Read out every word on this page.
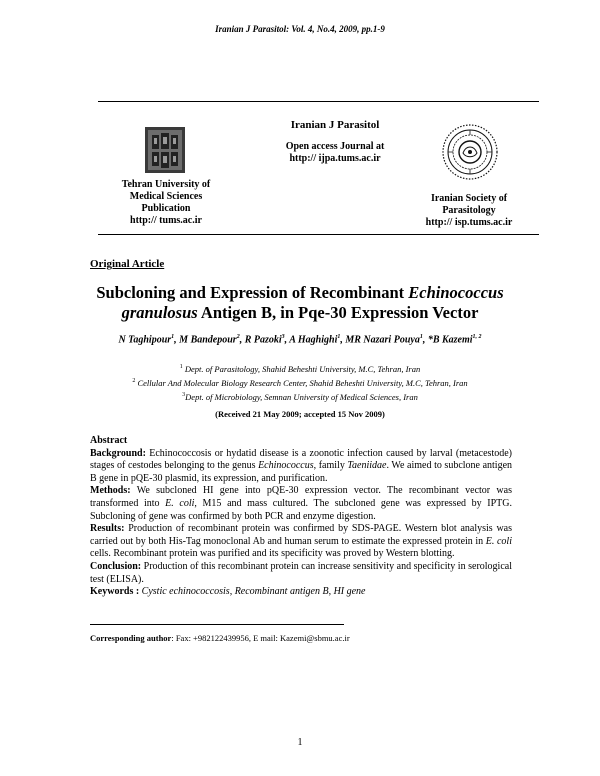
Iranian J Parasitol: Vol. 4, No.4, 2009, pp.1-9
Tehran University of
Medical Sciences
Publication
http:// tums.ac.ir
Iranian J Parasitol
Open access Journal at
http:// ijpa.tums.ac.ir
Iranian Society of
Parasitology
http:// isp.tums.ac.ir
Original Article
Subcloning and Expression of Recombinant Echinococcus granulosus Antigen B, in Pqe-30 Expression Vector
N Taghipour$^1$, M Bandepour$^2$, R Pazoki$^3$, A Haghighi$^1$, MR Nazari Pouya$^1$, *B Kazemi$^{1, 2}$
$^1$ Dept. of Parasitology, Shahid Beheshti University, M.C, Tehran, Iran
$^2$ Cellular And Molecular Biology Research Center, Shahid Beheshti University, M.C, Tehran, Iran
$^3$Dept. of Microbiology, Semnan University of Medical Sciences, Iran
(Received 21 May 2009; accepted 15 Nov 2009)

Abstract

Background: Echinococcosis or hydatid disease is a zoonotic infection caused by larval (metacestode) stages of cestodes belonging to the genus Echinococcus, family Taeniidae. We aimed to subclone antigen B gene in pQE-30 plasmid, its expression, and purification.

Methods: We subcloned HI gene into pQE-30 expression vector. The recombinant vector was transformed into E. coli, M15 and mass cultured. The subcloned gene was expressed by IPTG. Subcloning of gene was confirmed by both PCR and enzyme digestion.

Results: Production of recombinant protein was confirmed by SDS-PAGE. Western blot analysis was carried out by both His-Tag monoclonal Ab and human serum to estimate the expressed protein in E. coli cells. Recombinant protein was purified and its specificity was proved by Western blotting.

Conclusion: Production of this recombinant protein can increase sensitivity and specificity in serological test (ELISA).

Keywords : Cystic echinococcosis, Recombinant antigen B, HI gene

Corresponding author: Fax: +982122439956, E mail: Kazemi@sbmu.ac.ir
1
